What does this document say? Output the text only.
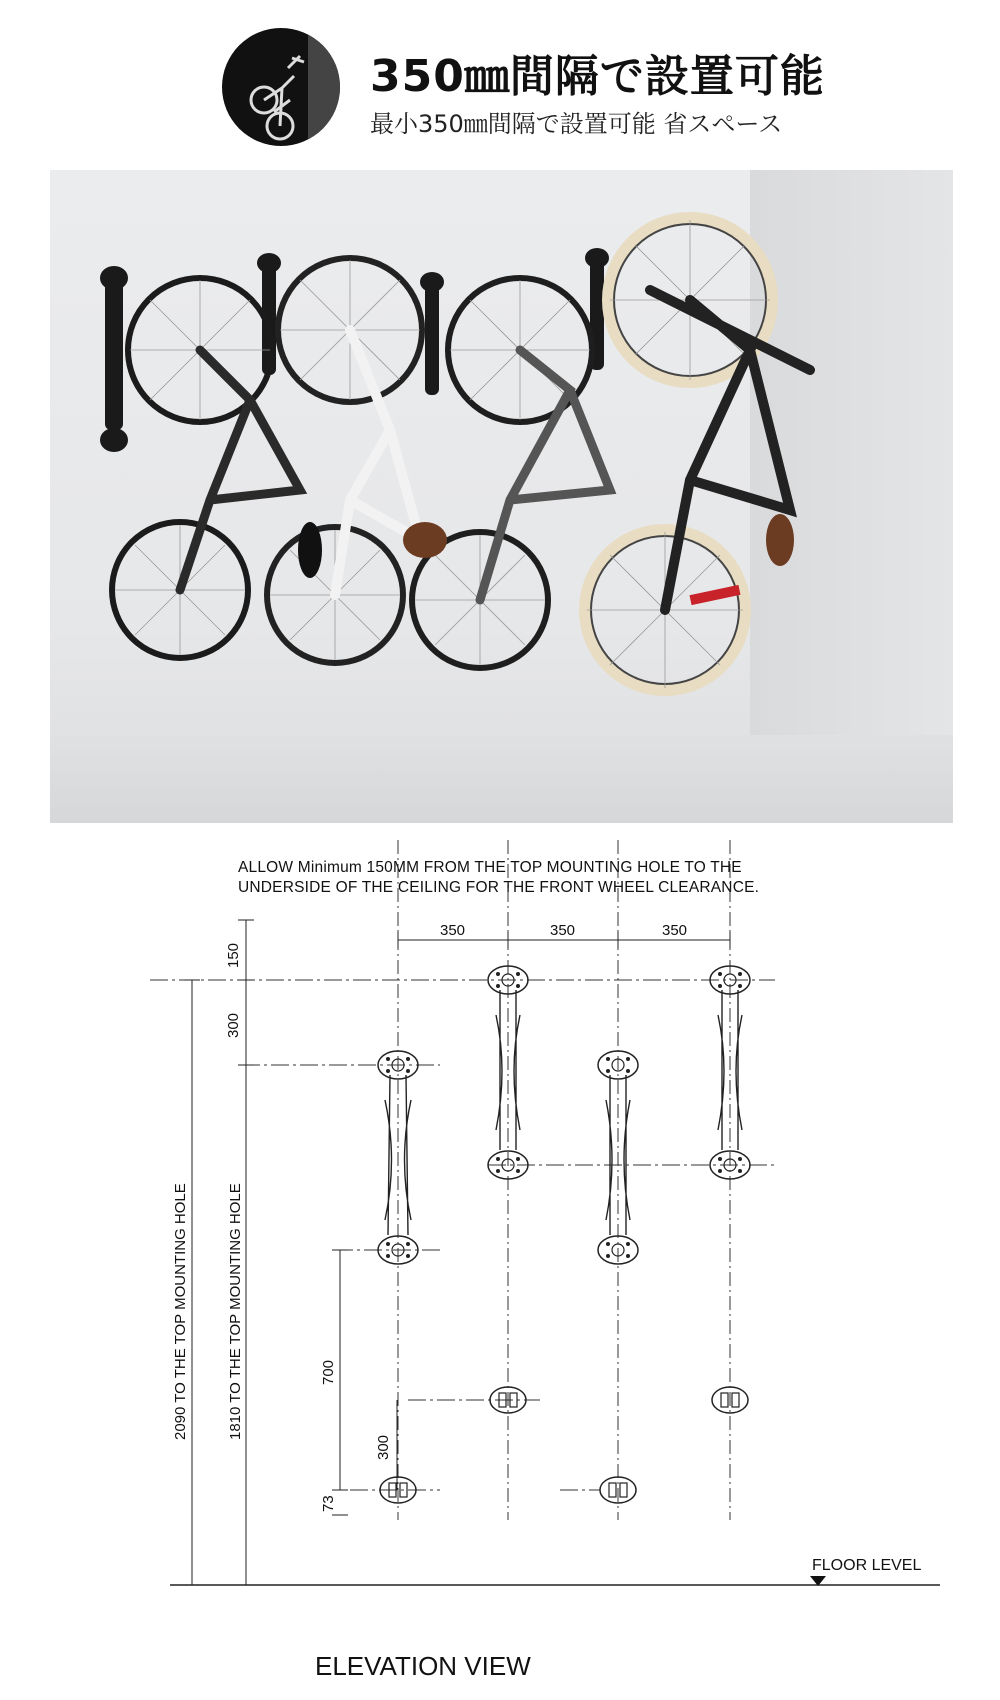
350㎜間隔で設置可能
最小350㎜間隔で設置可能 省スペース
ALLOW Minimum 150MM FROM THE TOP MOUNTING HOLE TO THE
UNDERSIDE OF THE CEILING FOR THE FRONT WHEEL CLEARANCE.
350	350	350
150
300
700
300
73
2090 TO THE TOP MOUNTING HOLE	1810 TO THE TOP MOUNTING HOLE
FLOOR LEVEL
ELEVATION VIEW
